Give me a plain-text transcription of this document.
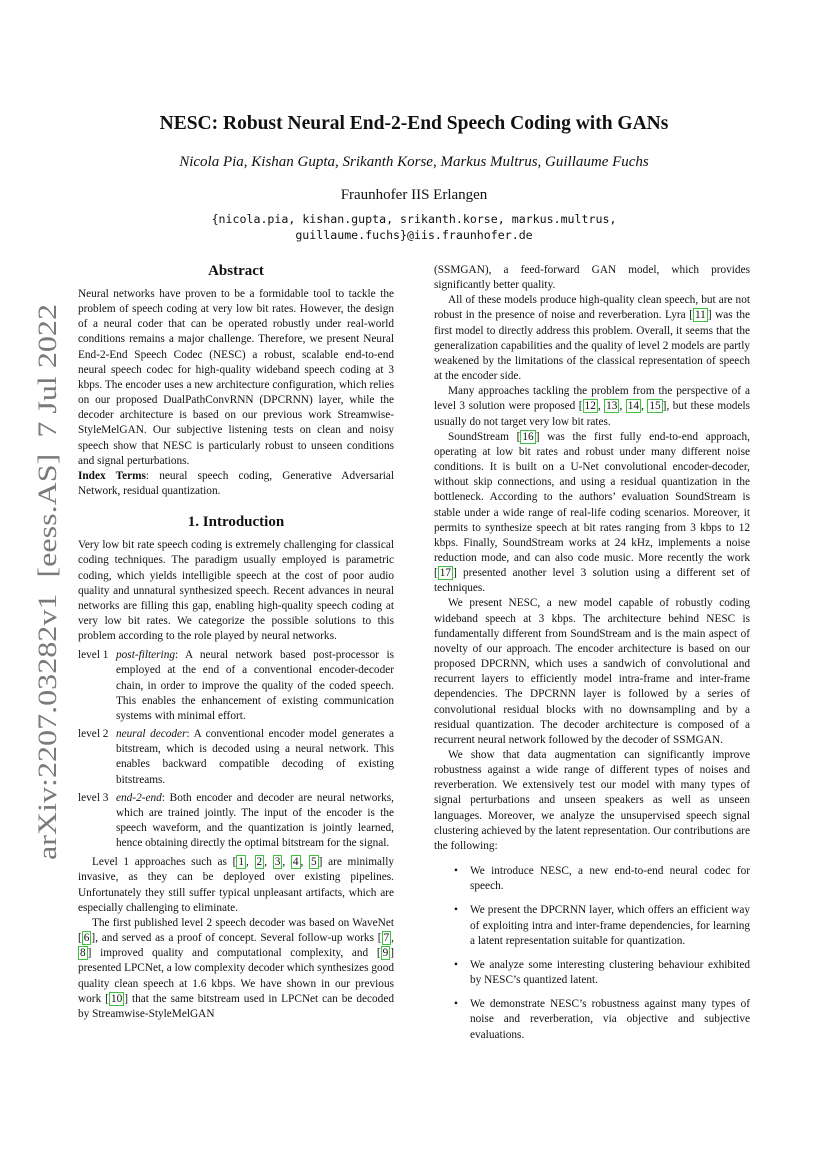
arXiv:2207.03282v1  [eess.AS]  7 Jul 2022
NESC: Robust Neural End-2-End Speech Coding with GANs
Nicola Pia, Kishan Gupta, Srikanth Korse, Markus Multrus, Guillaume Fuchs
Fraunhofer IIS Erlangen
{nicola.pia, kishan.gupta, srikanth.korse, markus.multrus,
guillaume.fuchs}@iis.fraunhofer.de
Abstract

Neural networks have proven to be a formidable tool to tackle the problem of speech coding at very low bit rates. However, the design of a neural coder that can be operated robustly under real-world conditions remains a major challenge. Therefore, we present Neural End-2-End Speech Codec (NESC) a robust, scalable end-to-end neural speech codec for high-quality wideband speech coding at 3 kbps. The encoder uses a new architecture configuration, which relies on our proposed DualPathConvRNN (DPCRNN) layer, while the decoder architecture is based on our previous work Streamwise-StyleMelGAN. Our subjective listening tests on clean and noisy speech show that NESC is particularly robust to unseen conditions and signal perturbations.
Index Terms: neural speech coding, Generative Adversarial Network, residual quantization.

1. Introduction

Very low bit rate speech coding is extremely challenging for classical coding techniques. The paradigm usually employed is parametric coding, which yields intelligible speech at the cost of poor audio quality and unnatural synthesized speech. Recent advances in neural networks are filling this gap, enabling high-quality speech coding at very low bit rates. We categorize the possible solutions to this problem according to the role played by neural networks.

level 1 post-filtering: A neural network based post-processor is employed at the end of a conventional encoder-decoder chain, in order to improve the quality of the coded speech. This enables the enhancement of existing communication systems with minimal effort.
level 2 neural decoder: A conventional encoder model generates a bitstream, which is decoded using a neural network. This enables backward compatible decoding of existing bitstreams.
level 3 end-2-end: Both encoder and decoder are neural networks, which are trained jointly. The input of the encoder is the speech waveform, and the quantization is jointly learned, hence obtaining directly the optimal bitstream for the signal.

Level 1 approaches such as [ 1 , 2 , 3 , 4 , 5 ] are minimally invasive, as they can be deployed over existing pipelines. Unfortunately they still suffer typical unpleasant artifacts, which are especially challenging to eliminate.

The first published level 2 speech decoder was based on WaveNet [ 6 ], and served as a proof of concept. Several follow-up works [ 7 , 8 ] improved quality and computational complexity, and [ 9 ] presented LPCNet, a low complexity decoder which synthesizes good quality clean speech at 1.6 kbps. We have shown in our previous work [ 10 ] that the same bitstream used in LPCNet can be decoded by Streamwise-StyleMelGAN

(SSMGAN), a feed-forward GAN model, which provides significantly better quality.

All of these models produce high-quality clean speech, but are not robust in the presence of noise and reverberation. Lyra [ 11 ] was the first model to directly address this problem. Overall, it seems that the generalization capabilities and the quality of level 2 models are partly weakened by the limitations of the classical representation of speech at the encoder side.

Many approaches tackling the problem from the perspective of a level 3 solution were proposed [ 12 , 13 , 14 , 15 ], but these models usually do not target very low bit rates.

SoundStream [ 16 ] was the first fully end-to-end approach, operating at low bit rates and robust under many different noise conditions. It is built on a U-Net convolutional encoder-decoder, without skip connections, and using a residual quantization in the bottleneck. According to the authors’ evaluation SoundStream is stable under a wide range of real-life coding scenarios. Moreover, it permits to synthesize speech at bit rates ranging from 3 kbps to 12 kbps. Finally, SoundStream works at 24 kHz, implements a noise reduction mode, and can also code music. More recently the work [ 17 ] presented another level 3 solution using a different set of techniques.

We present NESC, a new model capable of robustly coding wideband speech at 3 kbps. The architecture behind NESC is fundamentally different from SoundStream and is the main aspect of novelty of our approach. The encoder architecture is based on our proposed DPCRNN, which uses a sandwich of convolutional and recurrent layers to efficiently model intra-frame and inter-frame dependencies. The DPCRNN layer is followed by a series of convolutional residual blocks with no downsampling and by a residual quantization. The decoder architecture is composed of a recurrent neural network followed by the decoder of SSMGAN.

We show that data augmentation can significantly improve robustness against a wide range of different types of noises and reverberation. We extensively test our model with many types of signal perturbations and unseen speakers as well as unseen languages. Moreover, we analyze the unsupervised speech signal clustering achieved by the latent representation. Our contributions are the following:

• We introduce NESC, a new end-to-end neural codec for speech.
• We present the DPCRNN layer, which offers an efficient way of exploiting intra and inter-frame dependencies, for learning a latent representation suitable for quantization.
• We analyze some interesting clustering behaviour exhibited by NESC’s quantized latent.
• We demonstrate NESC’s robustness against many types of noise and reverberation, via objective and subjective evaluations.
